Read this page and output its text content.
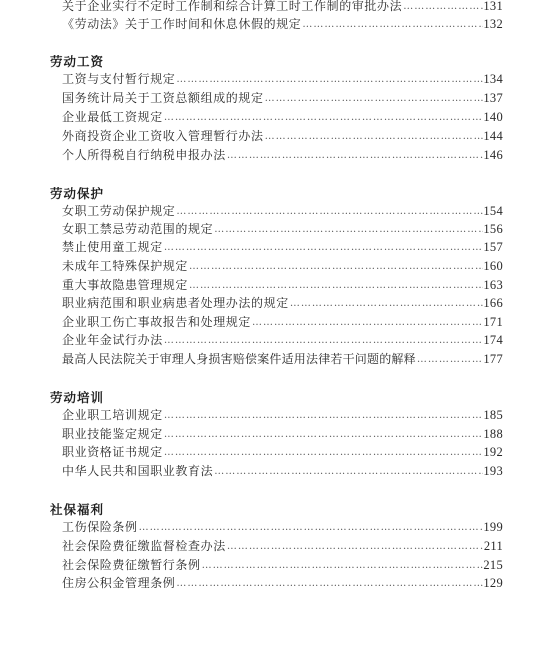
关于企业实行不定时工作制和综合计算工时工作制的审批办法 …………………………………………………………………………………………………………………………………………………………………………………………………………	131
《劳动法》关于工作时间和休息休假的规定 …………………………………………………………………………………………………………………………………………………………………………………………………………	132
劳动工资
工资与支付暂行规定 …………………………………………………………………………………………………………………………………………………………………………………………………………	134
国务统计局关于工资总额组成的规定 …………………………………………………………………………………………………………………………………………………………………………………………………………	137
企业最低工资规定 …………………………………………………………………………………………………………………………………………………………………………………………………………	140
外商投资企业工资收入管理暂行办法 …………………………………………………………………………………………………………………………………………………………………………………………………………	144
个人所得税自行纳税申报办法 …………………………………………………………………………………………………………………………………………………………………………………………………………	146
劳动保护
女职工劳动保护规定 …………………………………………………………………………………………………………………………………………………………………………………………………………	154
女职工禁忌劳动范围的规定 …………………………………………………………………………………………………………………………………………………………………………………………………………	156
禁止使用童工规定 …………………………………………………………………………………………………………………………………………………………………………………………………………	157
未成年工特殊保护规定 …………………………………………………………………………………………………………………………………………………………………………………………………………	160
重大事故隐患管理规定 …………………………………………………………………………………………………………………………………………………………………………………………………………	163
职业病范围和职业病患者处理办法的规定 …………………………………………………………………………………………………………………………………………………………………………………………………………	166
企业职工伤亡事故报告和处理规定 …………………………………………………………………………………………………………………………………………………………………………………………………………	171
企业年金试行办法 …………………………………………………………………………………………………………………………………………………………………………………………………………	174
最高人民法院关于审理人身损害赔偿案件适用法律若干问题的解释 …………………………………………………………………………………………………………………………………………………………………………………………………………	177
劳动培训
企业职工培训规定 …………………………………………………………………………………………………………………………………………………………………………………………………………	185
职业技能鉴定规定 …………………………………………………………………………………………………………………………………………………………………………………………………………	188
职业资格证书规定 …………………………………………………………………………………………………………………………………………………………………………………………………………	192
中华人民共和国职业教育法 …………………………………………………………………………………………………………………………………………………………………………………………………………	193
社保福利
工伤保险条例 …………………………………………………………………………………………………………………………………………………………………………………………………………	199
社会保险费征缴监督检查办法 …………………………………………………………………………………………………………………………………………………………………………………………………………	211
社会保险费征缴暂行条例 …………………………………………………………………………………………………………………………………………………………………………………………………………	215
住房公积金管理条例 …………………………………………………………………………………………………………………………………………………………………………………………………………	129
